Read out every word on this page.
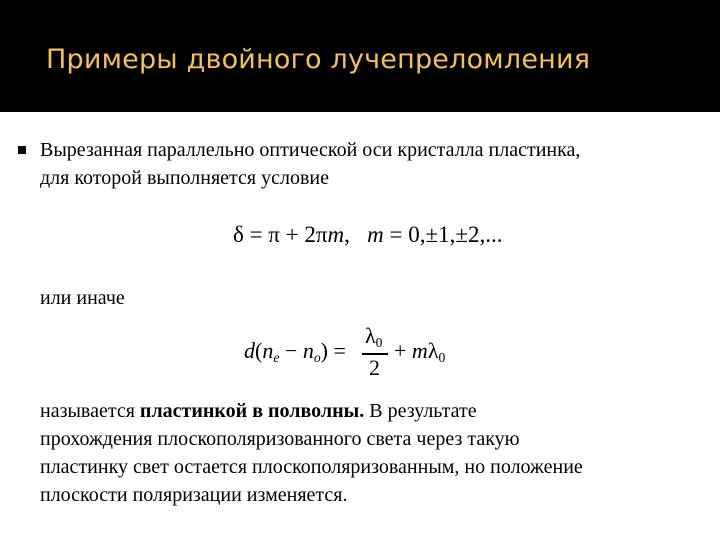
Примеры двойного лучепреломления
Вырезанная параллельно оптической оси кристалла пластинка,
для которой выполняется условие
δ = π + 2πm,   m = 0,±1,±2,...
или иначе
$d(n_e - n_o)$ =
$\lambda_0$
2
+ $m\lambda_0$
называется пластинкой в полволны. В результате
прохождения плоскополяризованного света через такую
пластинку свет остается плоскополяризованным, но положение
плоскости поляризации изменяется.
